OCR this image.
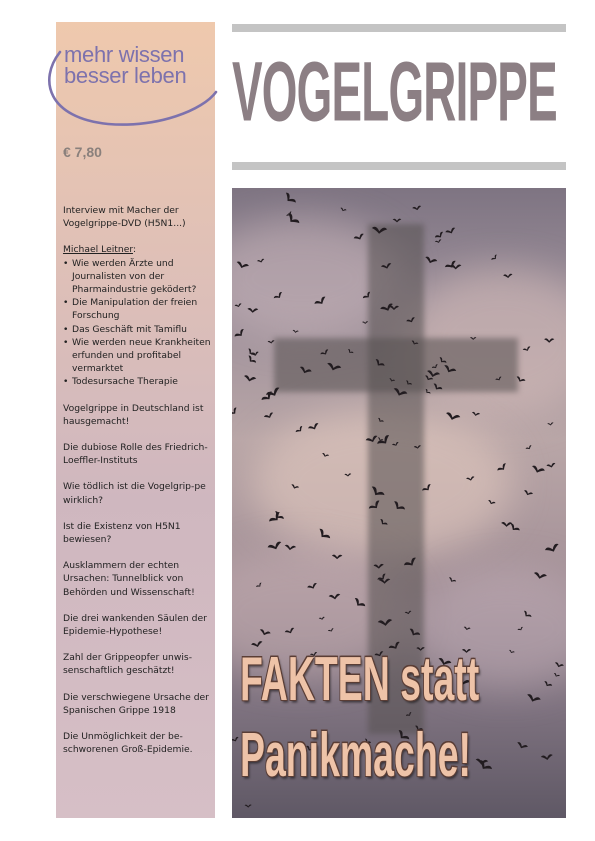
mehr wissen
besser leben
€ 7,80
Interview mit Macher der Vogelgrippe-DVD (H5N1...)
Michael Leitner:
• Wie werden Ärzte und Journalisten von der Pharmaindustrie geködert?
• Die Manipulation der freien Forschung
• Das Geschäft mit Tamiflu
• Wie werden neue Krankheiten erfunden und profitabel vermarktet
• Todesursache Therapie
Vogelgrippe in Deutschland ist hausgemacht!
Die dubiose Rolle des Friedrich-Loeffler-Instituts
Wie tödlich ist die Vogelgrip-pe wirklich?
Ist die Existenz von H5N1 bewiesen?
Ausklammern der echten Ursachen: Tunnelblick von Behörden und Wissenschaft!
Die drei wankenden Säulen der Epidemie-Hypothese!
Zahl der Grippeopfer unwis-senschaftlich geschätzt!
Die verschwiegene Ursache der Spanischen Grippe 1918
Die Unmöglichkeit der be-schworenen Groß-Epidemie.
VOGELGRIPPE
FAKTEN statt
Panikmache!
